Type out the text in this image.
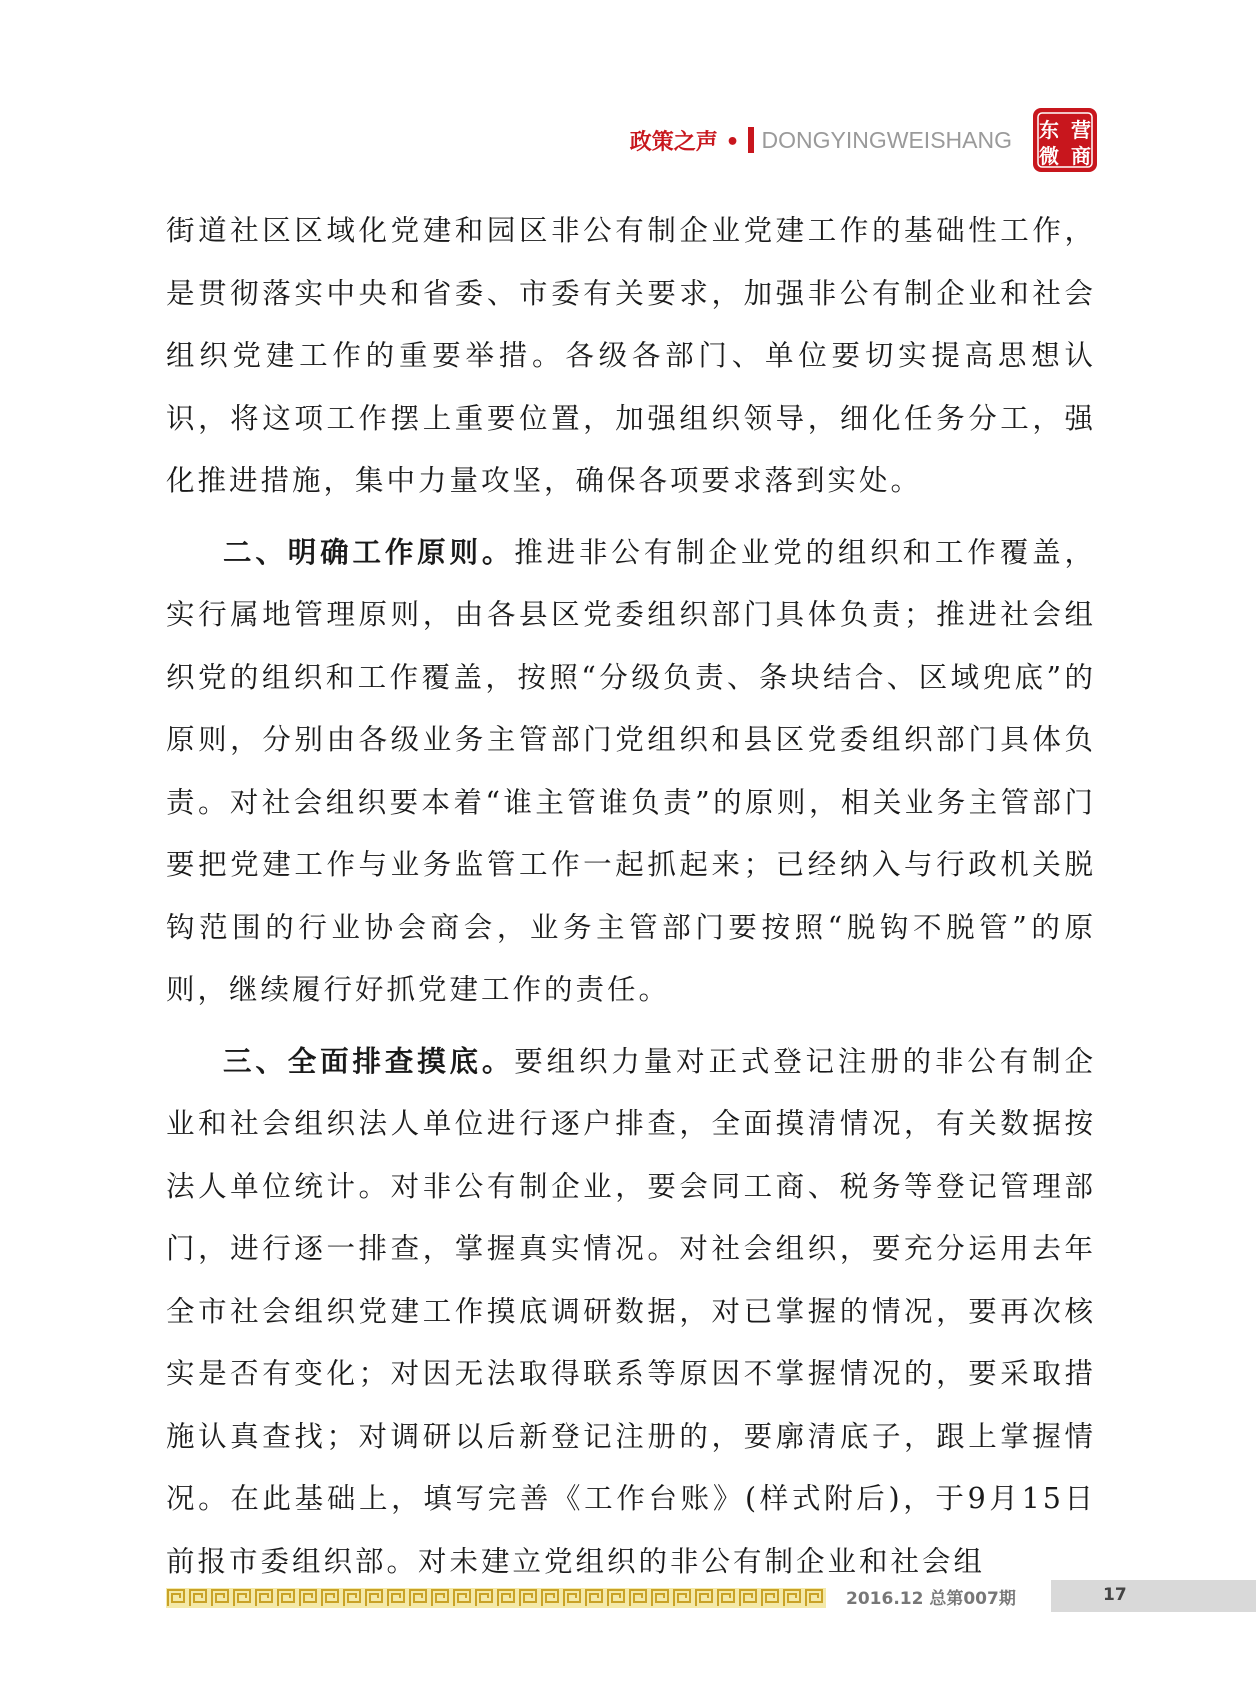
政策之声 • DONGYINGWEISHANG 东 营
微 商

街道社区区域化党建和园区非公有制企业党建工作的基础性工作，是贯彻落实中央和省委、市委有关要求，加强非公有制企业和社会组织党建工作的重要举措。各级各部门、单位要切实提高思想认识，将这项工作摆上重要位置，加强组织领导，细化任务分工，强化推进措施，集中力量攻坚，确保各项要求落到实处。

二、明确工作原则。推进非公有制企业党的组织和工作覆盖，实行属地管理原则，由各县区党委组织部门具体负责；推进社会组织党的组织和工作覆盖，按照“分级负责、条块结合、区域兜底”的原则，分别由各级业务主管部门党组织和县区党委组织部门具体负责。对社会组织要本着“谁主管谁负责”的原则，相关业务主管部门要把党建工作与业务监管工作一起抓起来；已经纳入与行政机关脱钩范围的行业协会商会，业务主管部门要按照“脱钩不脱管”的原则，继续履行好抓党建工作的责任。

三、全面排查摸底。要组织力量对正式登记注册的非公有制企业和社会组织法人单位进行逐户排查，全面摸清情况，有关数据按法人单位统计。对非公有制企业，要会同工商、税务等登记管理部门，进行逐一排查，掌握真实情况。对社会组织，要充分运用去年全市社会组织党建工作摸底调研数据，对已掌握的情况，要再次核实是否有变化；对因无法取得联系等原因不掌握情况的，要采取措施认真查找；对调研以后新登记注册的，要廓清底子，跟上掌握情况。在此基础上，填写完善《工作台账》(样式附后)，于9月15日前报市委组织部。对未建立党组织的非公有制企业和社会组

2016.12 总第007期	17
